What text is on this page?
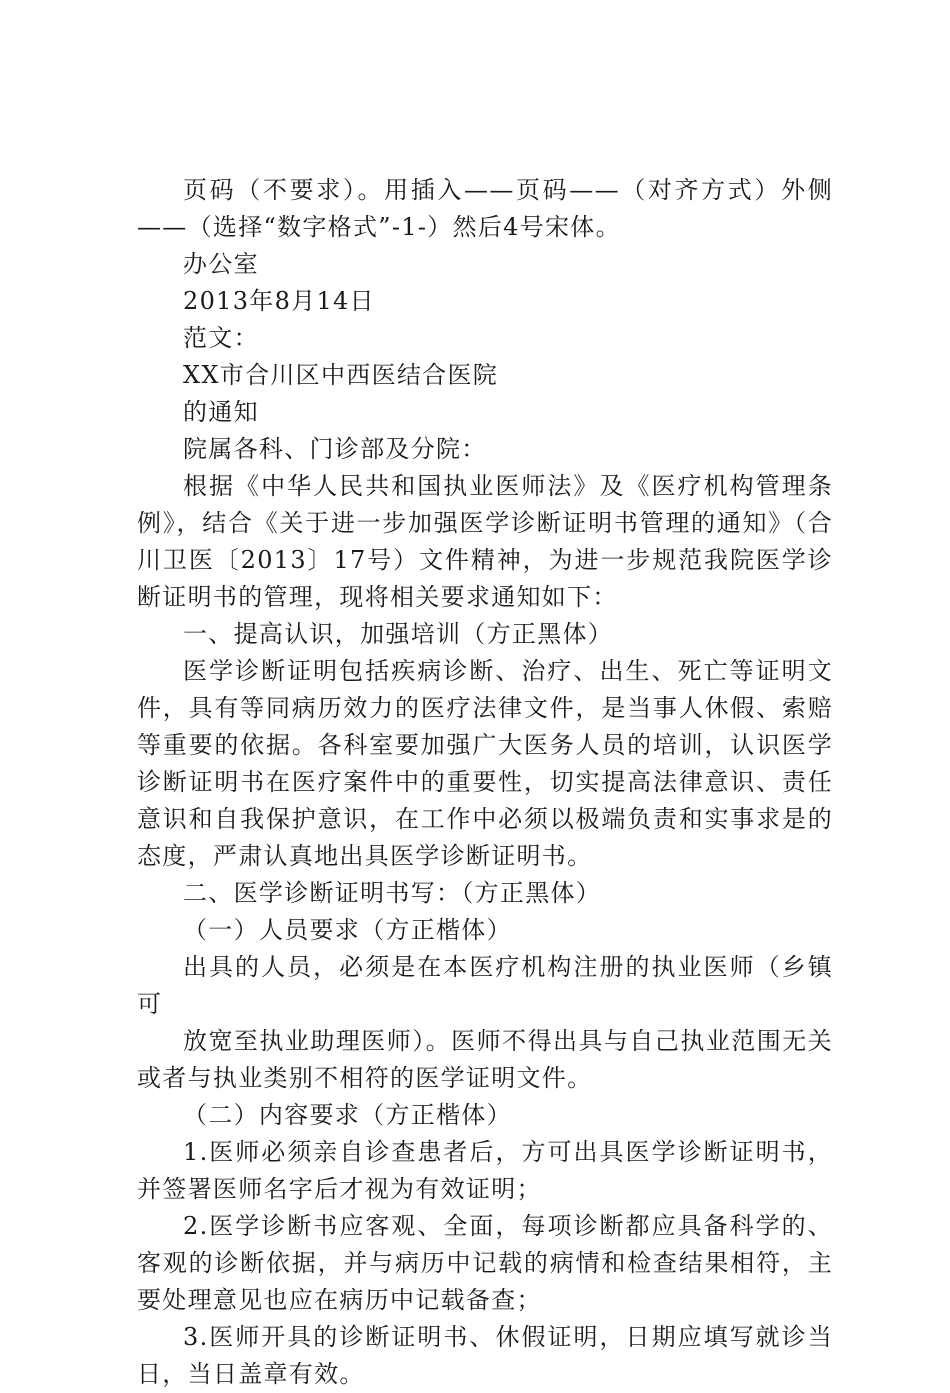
页码（不要求）。用插入——页码——（对齐方式）外侧——（选择“数字格式”-1-）然后4号宋体。

办公室

2013年8月14日

范文：

XX市合川区中西医结合医院

的通知

院属各科、门诊部及分院：

根据《中华人民共和国执业医师法》及《医疗机构管理条例》，结合《关于进一步加强医学诊断证明书管理的通知》（合川卫医〔2013〕17号）文件精神，为进一步规范我院医学诊断证明书的管理，现将相关要求通知如下：

一、提高认识，加强培训（方正黑体）

医学诊断证明包括疾病诊断、治疗、出生、死亡等证明文件，具有等同病历效力的医疗法律文件，是当事人休假、索赔等重要的依据。各科室要加强广大医务人员的培训，认识医学诊断证明书在医疗案件中的重要性，切实提高法律意识、责任意识和自我保护意识，在工作中必须以极端负责和实事求是的态度，严肃认真地出具医学诊断证明书。

二、医学诊断证明书写：（方正黑体）

（一）人员要求（方正楷体）

出具的人员，必须是在本医疗机构注册的执业医师（乡镇可

放宽至执业助理医师）。医师不得出具与自己执业范围无关或者与执业类别不相符的医学证明文件。

（二）内容要求（方正楷体）

1.医师必须亲自诊查患者后，方可出具医学诊断证明书，并签署医师名字后才视为有效证明；

2.医学诊断书应客观、全面，每项诊断都应具备科学的、客观的诊断依据，并与病历中记载的病情和检查结果相符，主要处理意见也应在病历中记载备查；

3.医师开具的诊断证明书、休假证明，日期应填写就诊当日，当日盖章有效。
